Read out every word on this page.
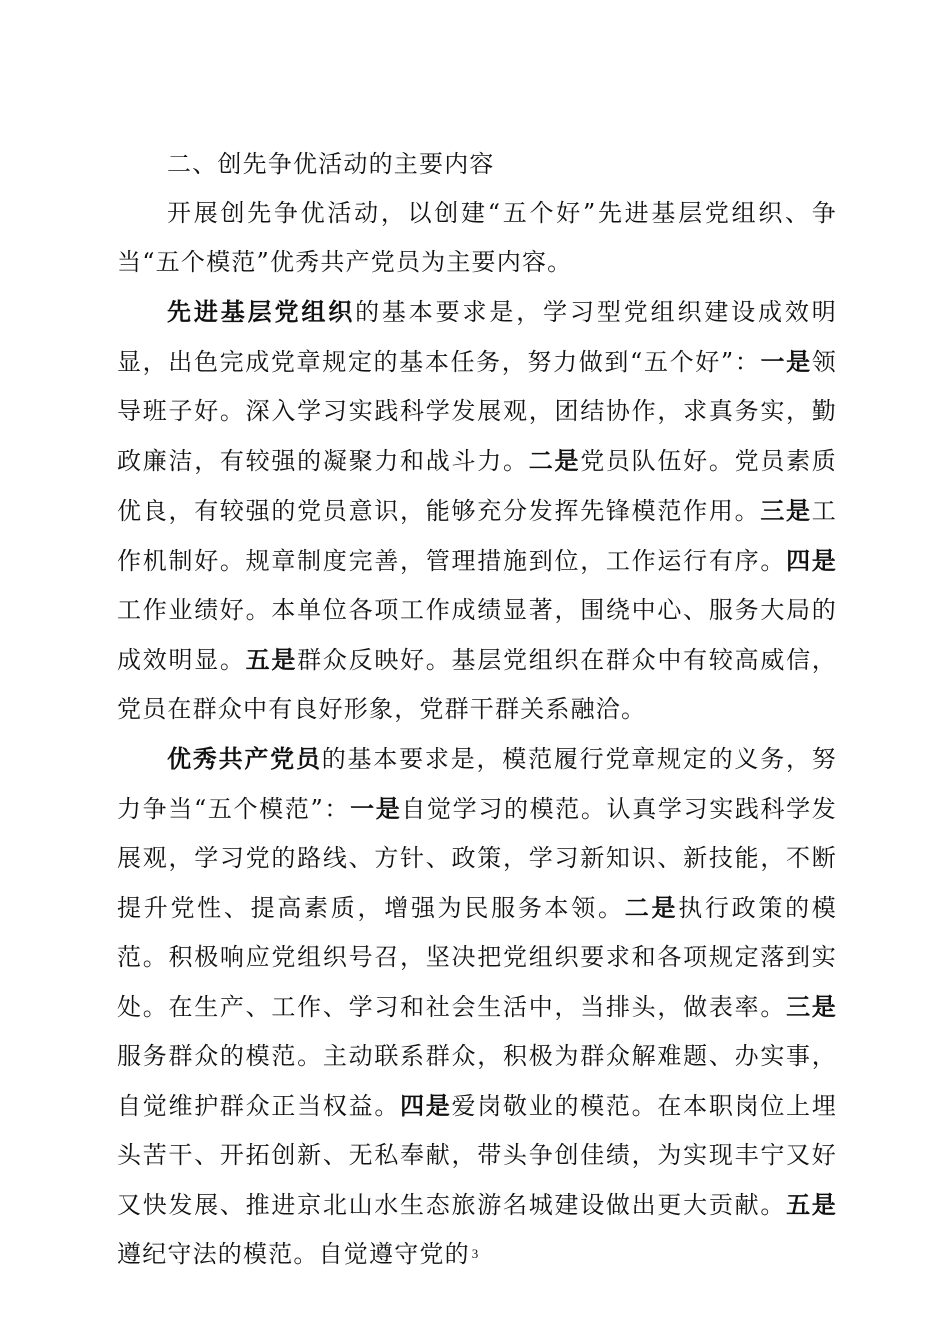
二、创先争优活动的主要内容

开展创先争优活动，以创建“五个好”先进基层党组织、争当“五个模范”优秀共产党员为主要内容。

先进基层党组织的基本要求是，学习型党组织建设成效明显，出色完成党章规定的基本任务，努力做到“五个好”：一是领导班子好。深入学习实践科学发展观，团结协作，求真务实，勤政廉洁，有较强的凝聚力和战斗力。二是党员队伍好。党员素质优良，有较强的党员意识，能够充分发挥先锋模范作用。三是工作机制好。规章制度完善，管理措施到位，工作运行有序。四是工作业绩好。本单位各项工作成绩显著，围绕中心、服务大局的成效明显。五是群众反映好。基层党组织在群众中有较高威信，党员在群众中有良好形象，党群干群关系融洽。

优秀共产党员的基本要求是，模范履行党章规定的义务，努力争当“五个模范”：一是自觉学习的模范。认真学习实践科学发展观，学习党的路线、方针、政策，学习新知识、新技能，不断提升党性、提高素质，增强为民服务本领。二是执行政策的模范。积极响应党组织号召，坚决把党组织要求和各项规定落到实处。在生产、工作、学习和社会生活中，当排头，做表率。三是服务群众的模范。主动联系群众，积极为群众解难题、办实事，自觉维护群众正当权益。四是爱岗敬业的模范。在本职岗位上埋头苦干、开拓创新、无私奉献，带头争创佳绩，为实现丰宁又好又快发展、推进京北山水生态旅游名城建设做出更大贡献。五是遵纪守法的模范。自觉遵守党的 3
